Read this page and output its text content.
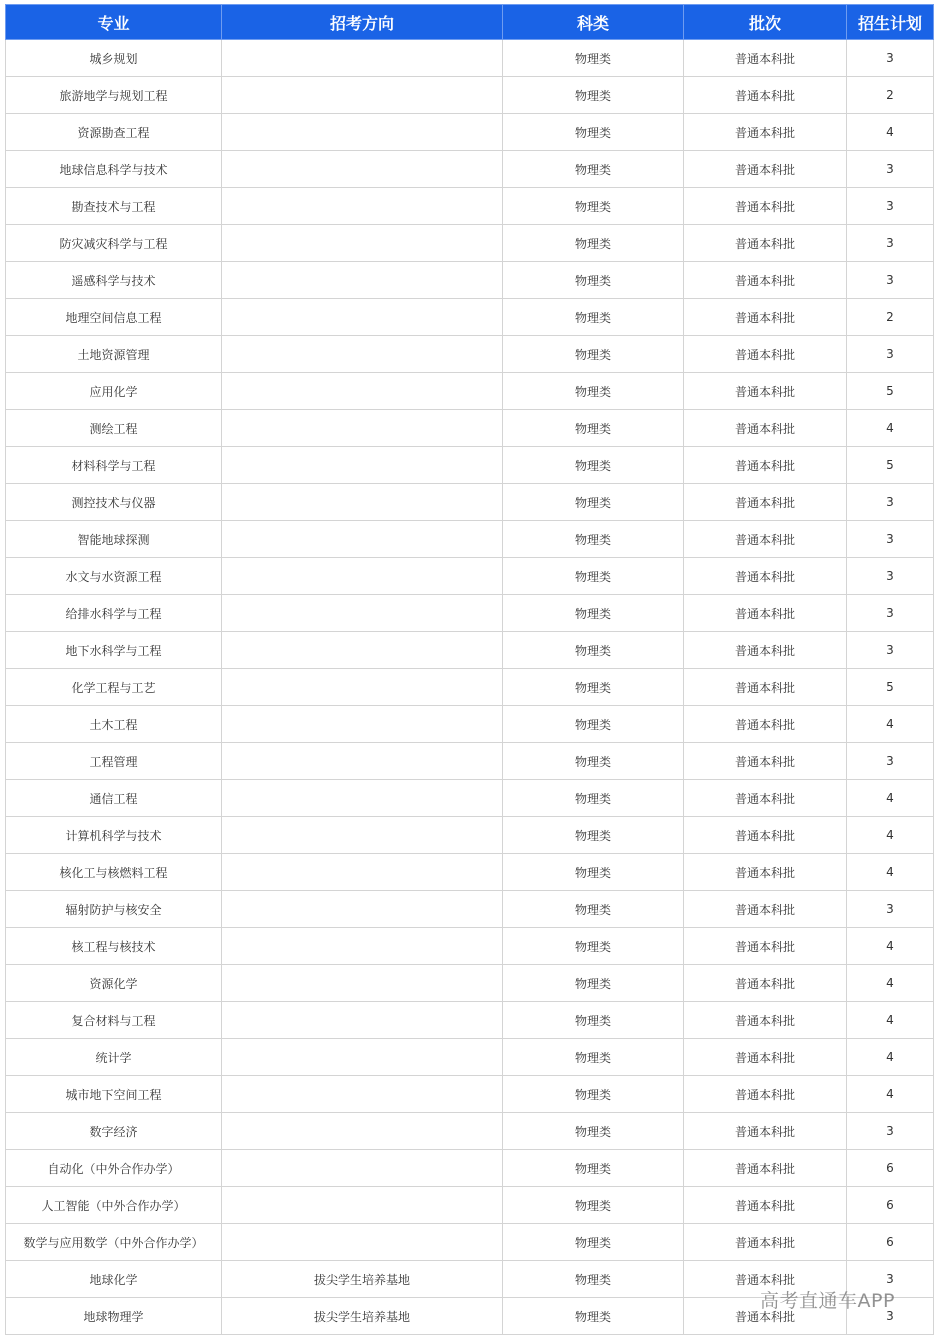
专业	招考方向	科类	批次	招生计划
城乡规划		物理类	普通本科批	3
旅游地学与规划工程		物理类	普通本科批	2
资源勘查工程		物理类	普通本科批	4
地球信息科学与技术		物理类	普通本科批	3
勘查技术与工程		物理类	普通本科批	3
防灾减灾科学与工程		物理类	普通本科批	3
遥感科学与技术		物理类	普通本科批	3
地理空间信息工程		物理类	普通本科批	2
土地资源管理		物理类	普通本科批	3
应用化学		物理类	普通本科批	5
测绘工程		物理类	普通本科批	4
材料科学与工程		物理类	普通本科批	5
测控技术与仪器		物理类	普通本科批	3
智能地球探测		物理类	普通本科批	3
水文与水资源工程		物理类	普通本科批	3
给排水科学与工程		物理类	普通本科批	3
地下水科学与工程		物理类	普通本科批	3
化学工程与工艺		物理类	普通本科批	5
土木工程		物理类	普通本科批	4
工程管理		物理类	普通本科批	3
通信工程		物理类	普通本科批	4
计算机科学与技术		物理类	普通本科批	4
核化工与核燃料工程		物理类	普通本科批	4
辐射防护与核安全		物理类	普通本科批	3
核工程与核技术		物理类	普通本科批	4
资源化学		物理类	普通本科批	4
复合材料与工程		物理类	普通本科批	4
统计学		物理类	普通本科批	4
城市地下空间工程		物理类	普通本科批	4
数字经济		物理类	普通本科批	3
自动化（中外合作办学）		物理类	普通本科批	6
人工智能（中外合作办学）		物理类	普通本科批	6
数学与应用数学（中外合作办学）		物理类	普通本科批	6
地球化学	拔尖学生培养基地	物理类	普通本科批	3
地球物理学	拔尖学生培养基地	物理类	普通本科批	3
高考直通车APP
